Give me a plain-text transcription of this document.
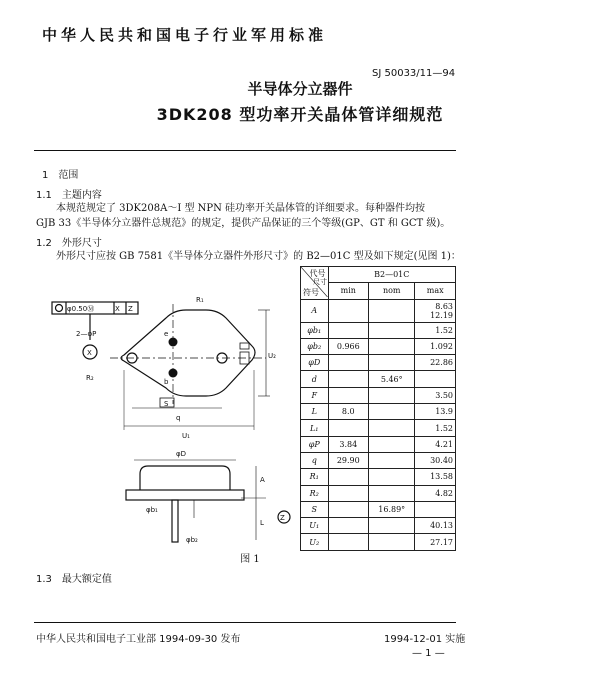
中华人民共和国电子行业军用标准
SJ 50033/11—94
半导体分立器件
3DK208 型功率开关晶体管详细规范
1　范围
1.1　主题内容
本规范规定了 3DK208A～I 型 NPN 硅功率开关晶体管的详细要求。每种器件均按
GJB 33《半导体分立器件总规范》的规定，提供产品保证的三个等级(GP、GT 和 GCT 级)。
1.2　外形尺寸
外形尺寸应按 GB 7581《半导体分立器件外形尺寸》的 B2—01C 型及如下规定(见图 1)：
φ0.50Ⓜ	X Z
X
2—φP
R₁
R₂
U₂
q
S
U₁
e
b
φD
φb₁
φb₂
A
L
Z
代号
尺寸
符号	B2—01C		
	min	nom	max
A			8.63
12.19

φb₁			1.52
φb₂	0.966		1.092
φD			22.86
d		5.46°	
F			3.50
L	8.0		13.9
L₁			1.52
φP	3.84		4.21
q	29.90		30.40
R₁			13.58
R₂			4.82
S		16.89°	
U₁			40.13
U₂			27.17
图 1
1.3　最大额定值
中华人民共和国电子工业部 1994-09-30 发布	1994-12-01 实施
— 1 —
